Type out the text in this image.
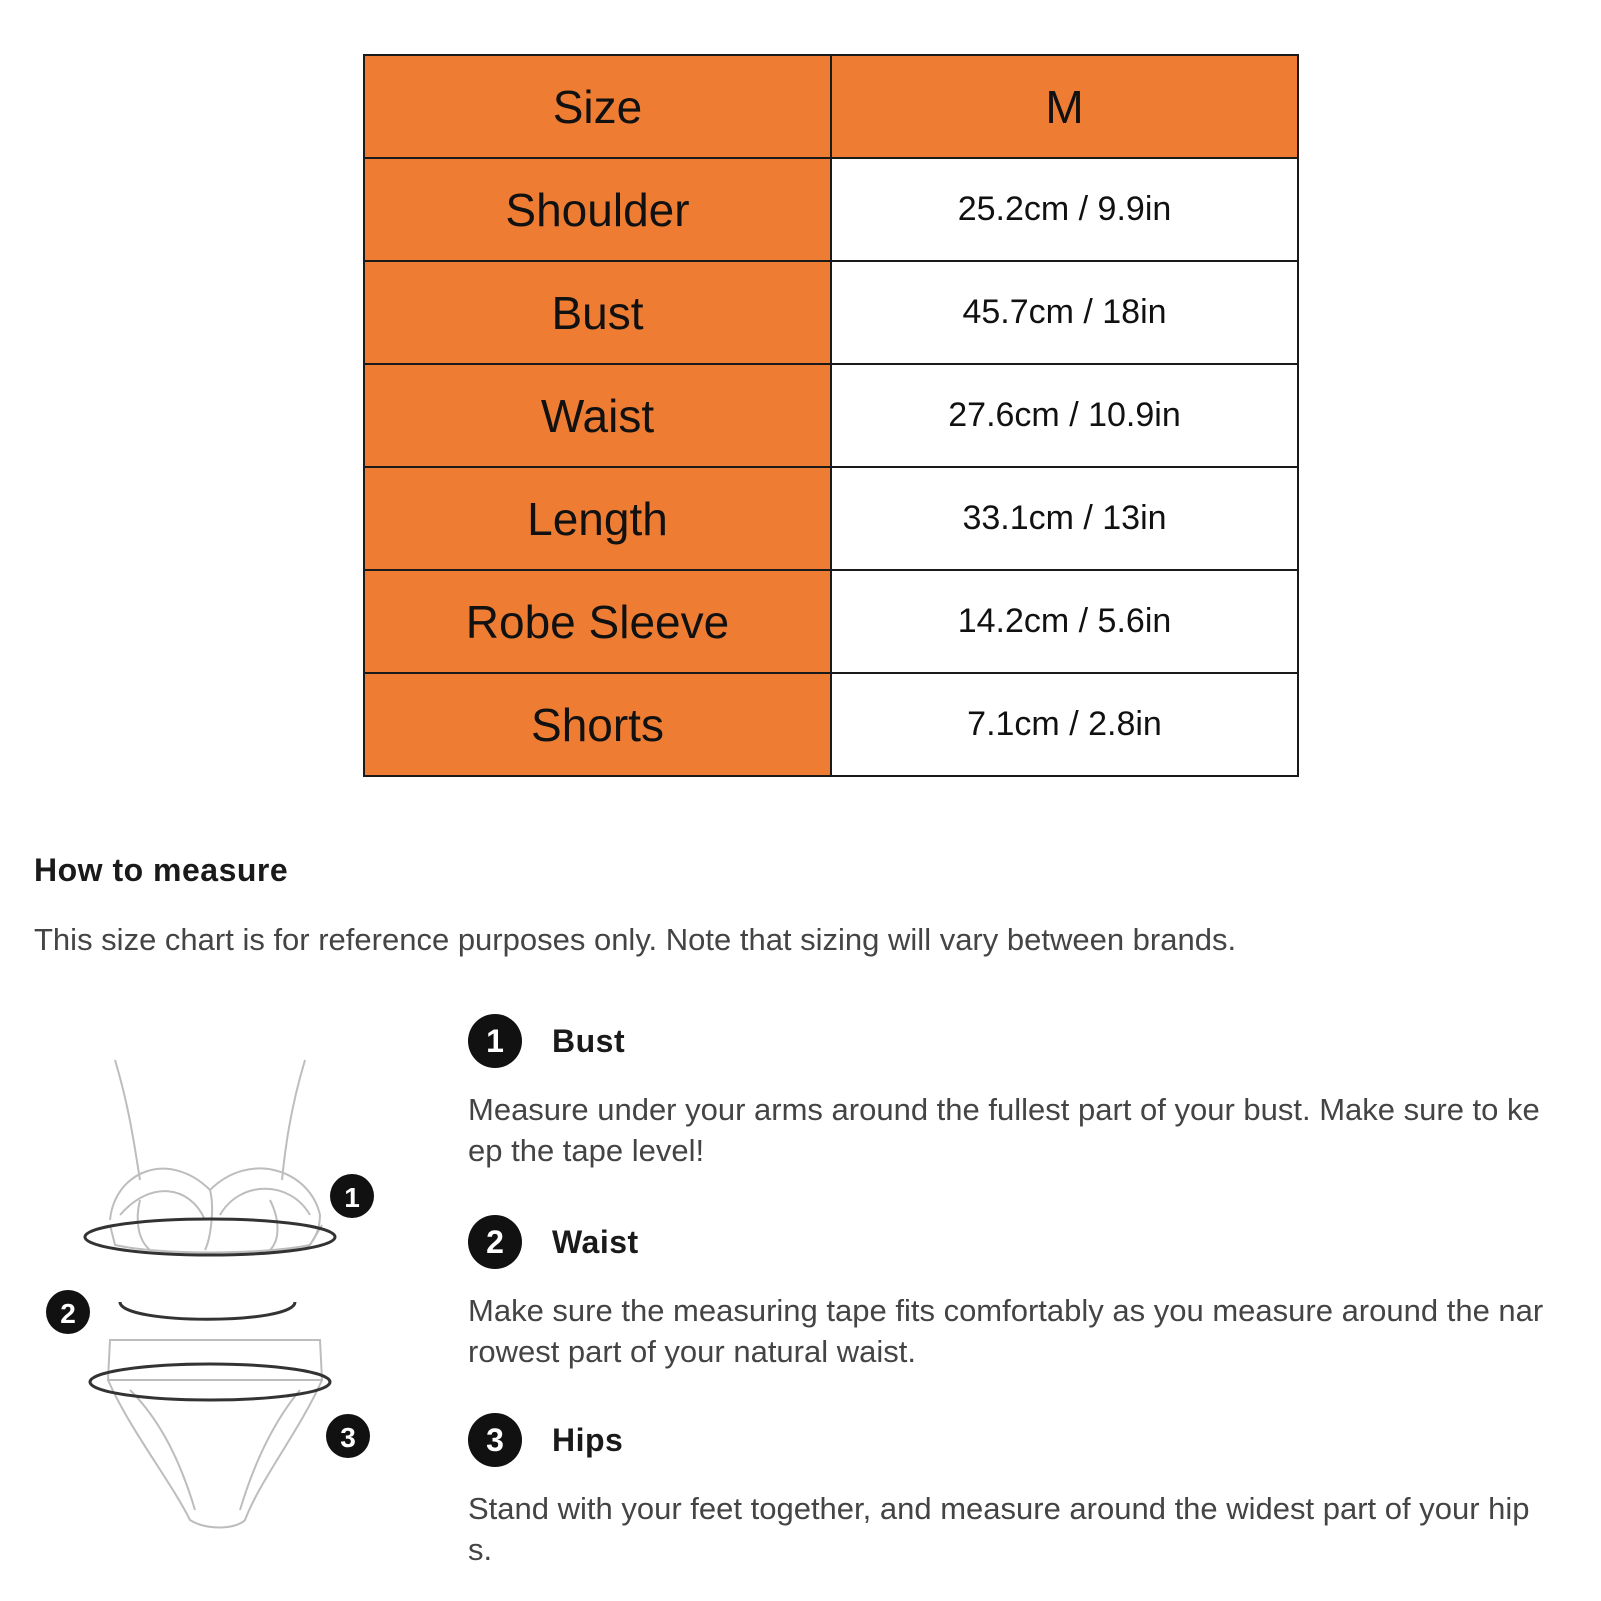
Size	M
Shoulder	25.2cm / 9.9in
Bust	45.7cm / 18in
Waist	27.6cm / 10.9in
Length	33.1cm / 13in
Robe Sleeve	14.2cm / 5.6in
Shorts	7.1cm / 2.8in
How to measure
This size chart is for reference purposes only. Note that sizing will vary between brands.
1
2
3
1	Bust
Measure under your arms around the fullest part of your bust. Make sure to keep the tape level!
2	Waist
Make sure the measuring tape fits comfortably as you measure around the narrowest part of your natural waist.
3	Hips
Stand with your feet together, and measure around the widest part of your hips.
